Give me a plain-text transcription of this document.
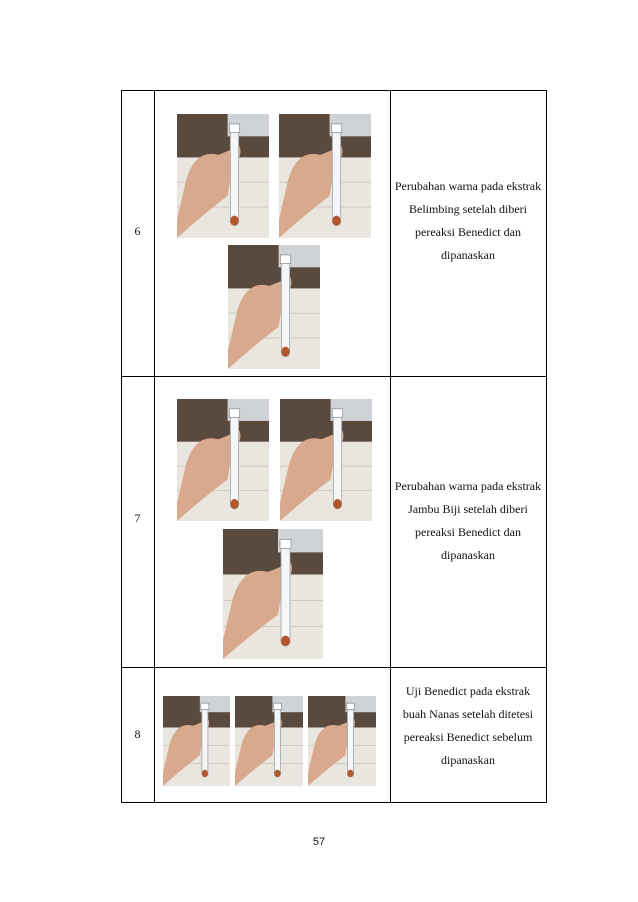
6
Perubahan warna pada ekstrak Belimbing setelah diberi pereaksi Benedict dan dipanaskan
7
Perubahan warna pada ekstrak Jambu Biji setelah diberi pereaksi Benedict dan dipanaskan
8
Uji Benedict pada ekstrak buah Nanas setelah ditetesi pereaksi Benedict sebelum dipanaskan
57
